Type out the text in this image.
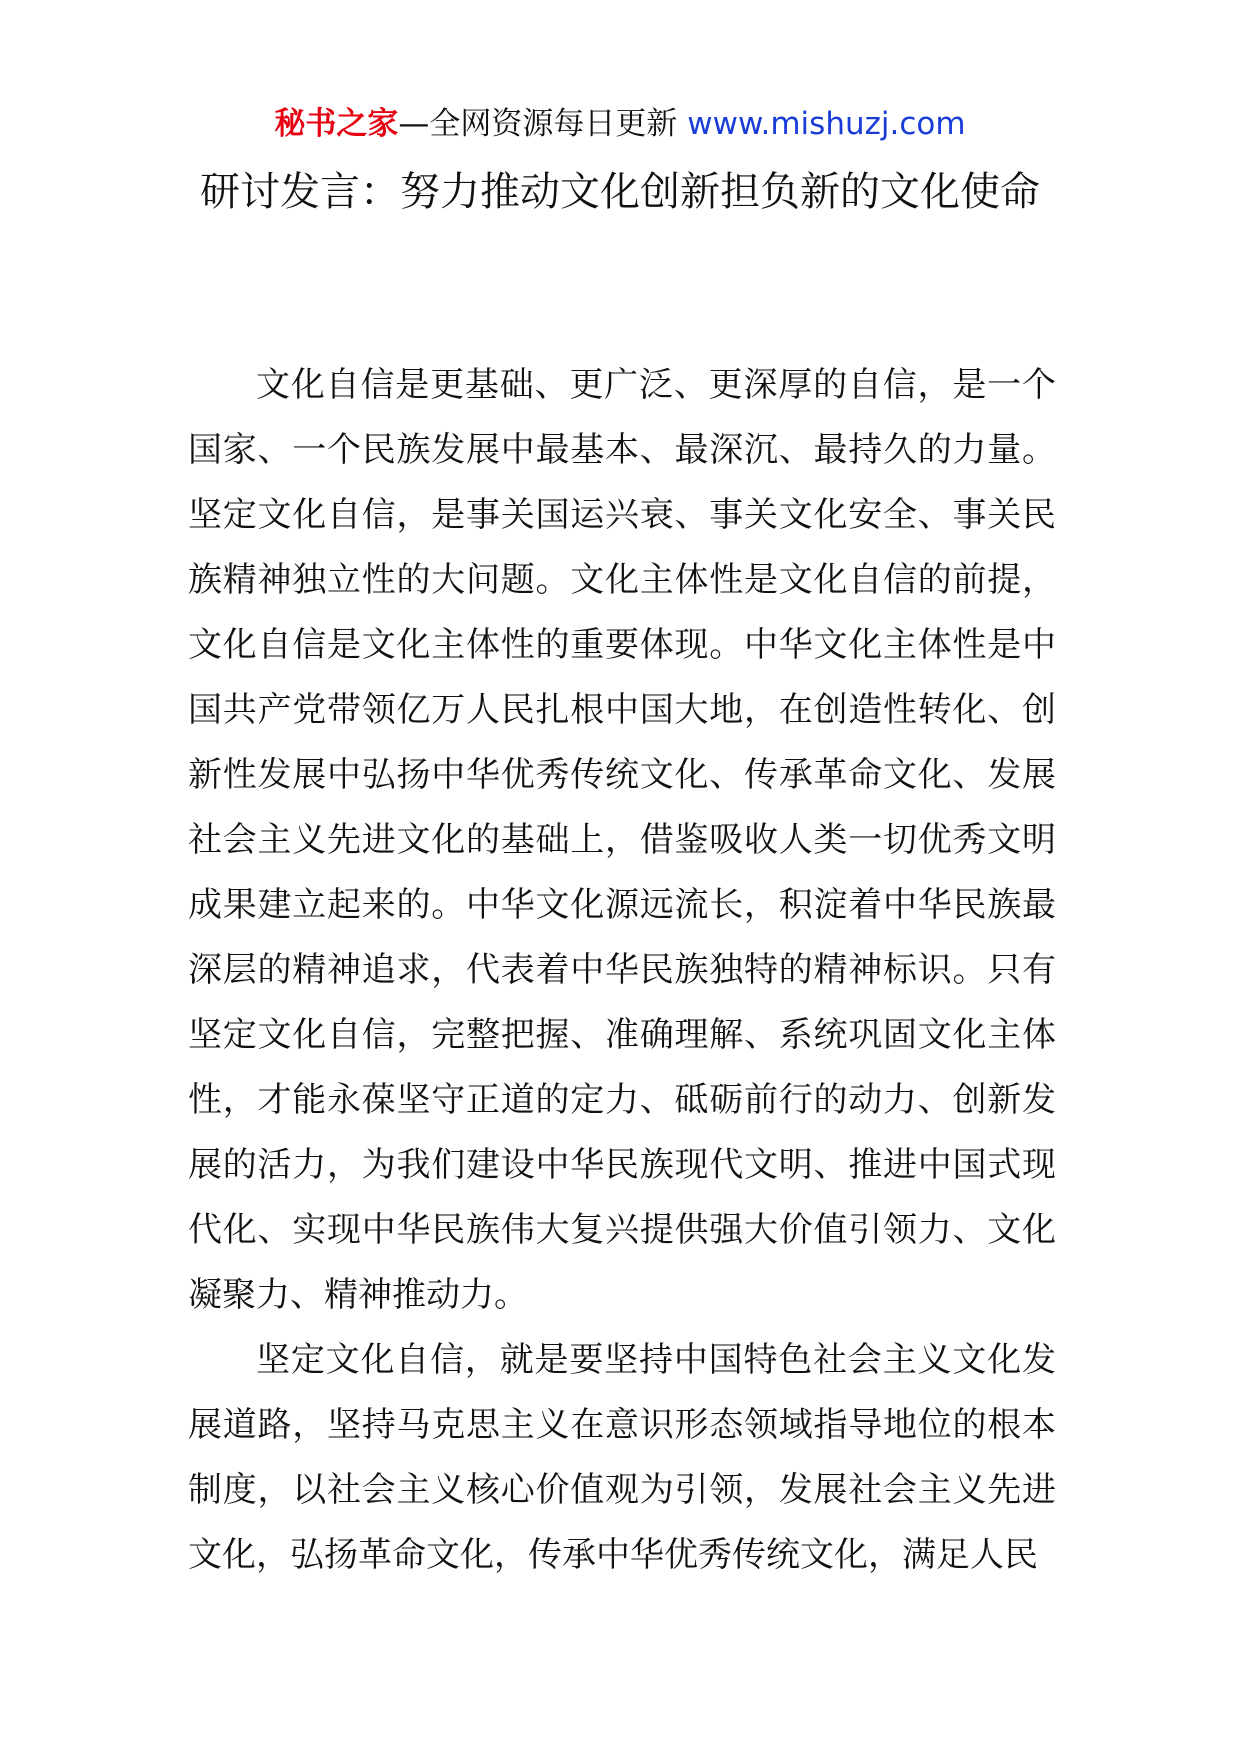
秘书之家—全网资源每日更新 www.mishuzj.com
研讨发言：努力推动文化创新担负新的文化使命

文化自信是更基础、更广泛、更深厚的自信，是一个国家、一个民族发展中最基本、最深沉、最持久的力量。坚定文化自信，是事关国运兴衰、事关文化安全、事关民族精神独立性的大问题。文化主体性是文化自信的前提，文化自信是文化主体性的重要体现。中华文化主体性是中国共产党带领亿万人民扎根中国大地，在创造性转化、创新性发展中弘扬中华优秀传统文化、传承革命文化、发展社会主义先进文化的基础上，借鉴吸收人类一切优秀文明成果建立起来的。中华文化源远流长，积淀着中华民族最深层的精神追求，代表着中华民族独特的精神标识。只有坚定文化自信，完整把握、准确理解、系统巩固文化主体性，才能永葆坚守正道的定力、砥砺前行的动力、创新发展的活力，为我们建设中华民族现代文明、推进中国式现代化、实现中华民族伟大复兴提供强大价值引领力、文化凝聚力、精神推动力。

坚定文化自信，就是要坚持中国特色社会主义文化发展道路，坚持马克思主义在意识形态领域指导地位的根本制度，以社会主义核心价值观为引领，发展社会主义先进文化，弘扬革命文化，传承中华优秀传统文化，满足人民
